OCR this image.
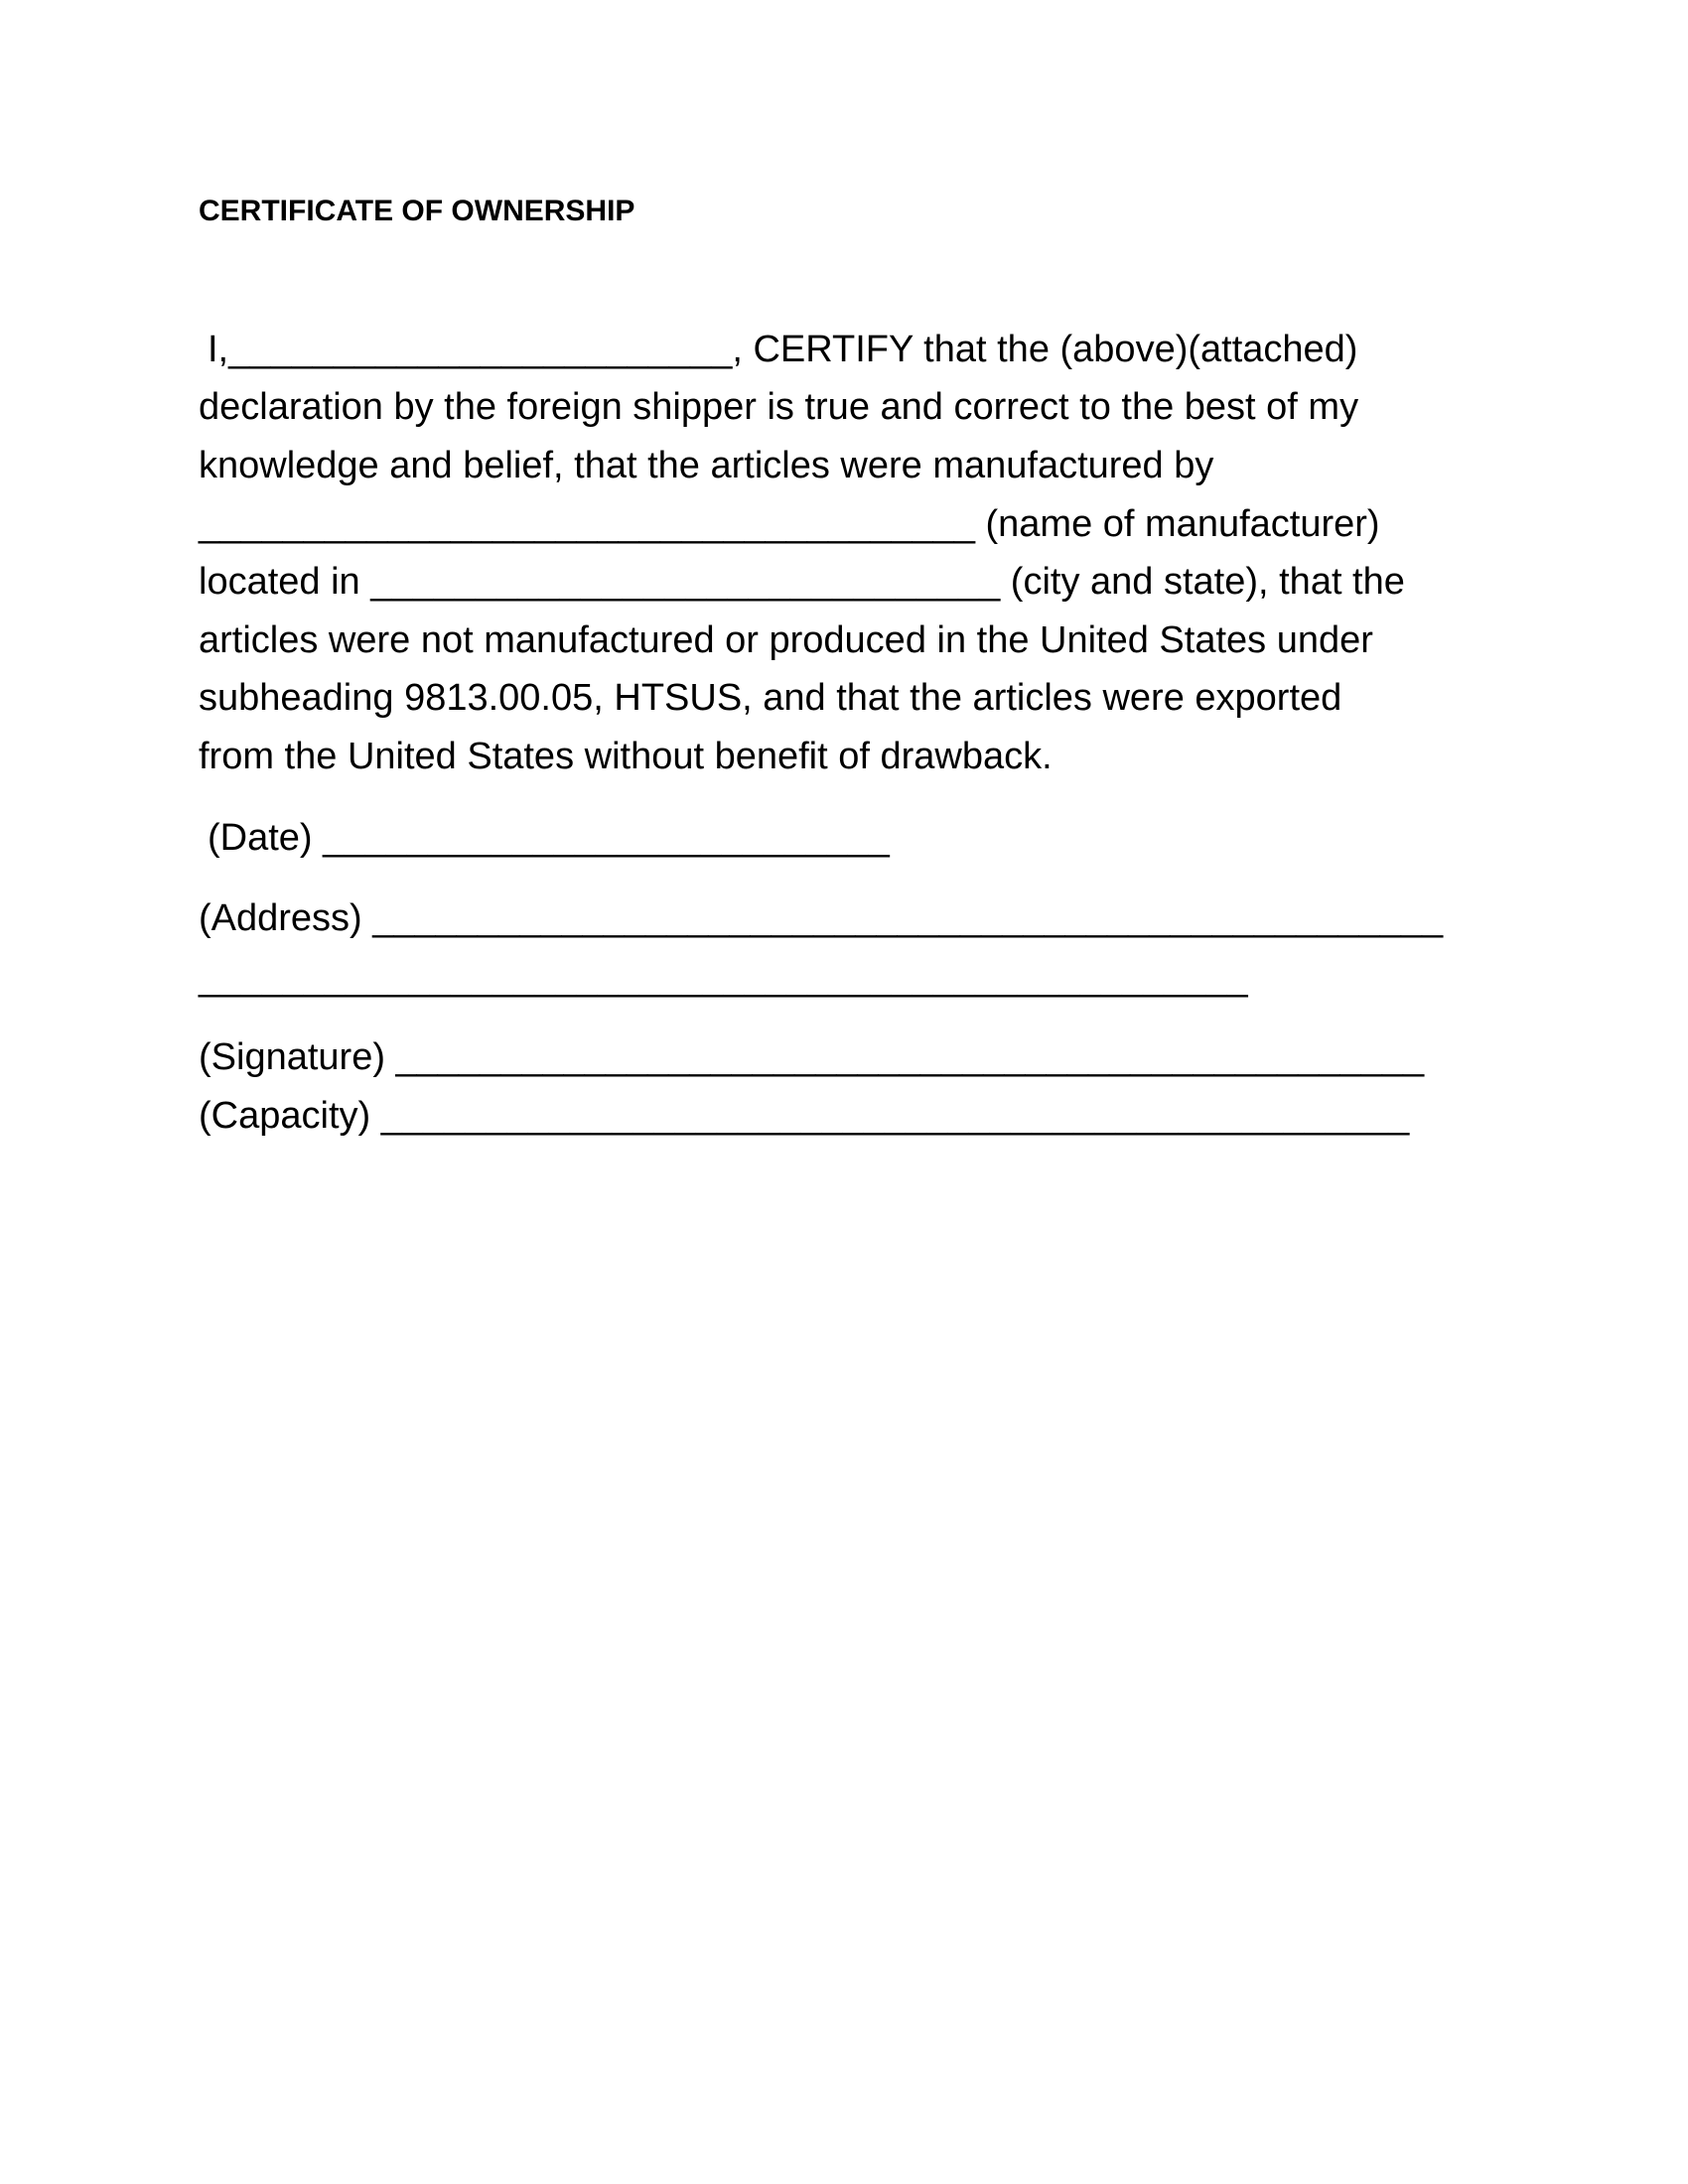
CERTIFICATE OF OWNERSHIP
I,________________________, CERTIFY that the (above)(attached)
declaration by the foreign shipper is true and correct to the best of my
knowledge and belief, that the articles were manufactured by
_____________________________________ (name of manufacturer)
located in ______________________________ (city and state), that the
articles were not manufactured or produced in the United States under
subheading 9813.00.05, HTSUS, and that the articles were exported
from the United States without benefit of drawback.
(Date) ___________________________
(Address) ___________________________________________________
__________________________________________________
(Signature) _________________________________________________
(Capacity) _________________________________________________
